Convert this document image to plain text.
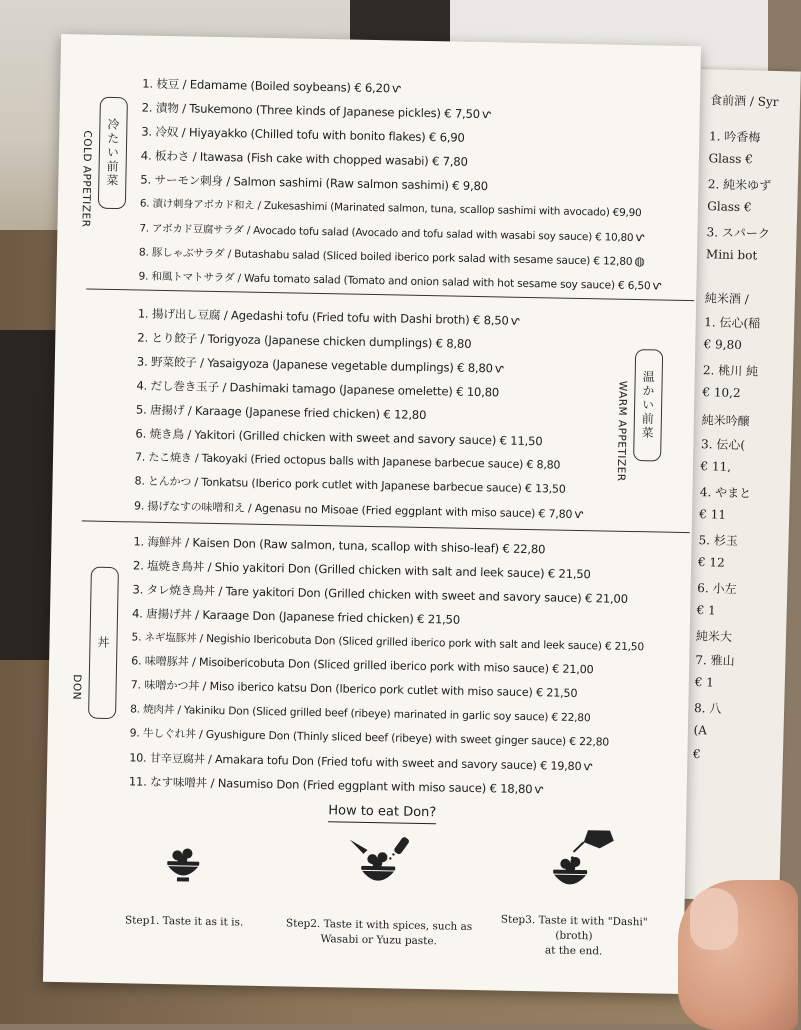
食前酒 / Syr
1. 吟香梅
Glass €
2. 純米ゆず
Glass €
3. スパーク
Mini bot
純米酒 /
1. 伝心(稲
€ 9,80
2. 桃川 純
€ 10,2
純米吟醸
3. 伝心(
€ 11,
4. やまと
€ 11
5. 杉玉
€ 12
6. 小左
€ 1
純米大
7. 雅山
€ 1
8. 八
(A
€
冷たい前菜
COLD APPETIZER
1. 枝豆 / Edamame (Boiled soybeans) € 6,20 ⱱ
2. 漬物 / Tsukemono (Three kinds of Japanese pickles) € 7,50 ⱱ
3. 冷奴 / Hiyayakko (Chilled tofu with bonito flakes) € 6,90
4. 板わさ / Itawasa (Fish cake with chopped wasabi) € 7,80
5. サーモン刺身 / Salmon sashimi (Raw salmon sashimi) € 9,80
6. 漬け刺身アボカド和え / Zukesashimi (Marinated salmon, tuna, scallop sashimi with avocado) €9,90
7. アボカド豆腐サラダ / Avocado tofu salad (Avocado and tofu salad with wasabi soy sauce) € 10,80 ⱱ
8. 豚しゃぶサラダ / Butashabu salad (Sliced boiled iberico pork salad with sesame sauce) € 12,80 ◍
9. 和風トマトサラダ / Wafu tomato salad (Tomato and onion salad with hot sesame soy sauce) € 6,50 ⱱ
温かい前菜
WARM APPETIZER
1. 揚げ出し豆腐 / Agedashi tofu (Fried tofu with Dashi broth) € 8,50 ⱱ
2. とり餃子 / Torigyoza (Japanese chicken dumplings) € 8,80
3. 野菜餃子 / Yasaigyoza (Japanese vegetable dumplings) € 8,80 ⱱ
4. だし巻き玉子 / Dashimaki tamago (Japanese omelette) € 10,80
5. 唐揚げ / Karaage (Japanese fried chicken) € 12,80
6. 焼き鳥 / Yakitori (Grilled chicken with sweet and savory sauce) € 11,50
7. たこ焼き / Takoyaki (Fried octopus balls with Japanese barbecue sauce) € 8,80
8. とんかつ / Tonkatsu (Iberico pork cutlet with Japanese barbecue sauce) € 13,50
9. 揚げなすの味噌和え / Agenasu no Misoae (Fried eggplant with miso sauce) € 7,80 ⱱ
丼
DON
1. 海鮮丼 / Kaisen Don (Raw salmon, tuna, scallop with shiso-leaf) € 22,80
2. 塩焼き鳥丼 / Shio yakitori Don (Grilled chicken with salt and leek sauce) € 21,50
3. タレ焼き鳥丼 / Tare yakitori Don (Grilled chicken with sweet and savory sauce) € 21,00
4. 唐揚げ丼 / Karaage Don (Japanese fried chicken) € 21,50
5. ネギ塩豚丼 / Negishio Ibericobuta Don (Sliced grilled iberico pork with salt and leek sauce) € 21,50
6. 味噌豚丼 / Misoibericobuta Don (Sliced grilled iberico pork with miso sauce) € 21,00
7. 味噌かつ丼 / Miso iberico katsu Don (Iberico pork cutlet with miso sauce) € 21,50
8. 焼肉丼 / Yakiniku Don (Sliced grilled beef (ribeye) marinated in garlic soy sauce) € 22,80
9. 牛しぐれ丼 / Gyushigure Don (Thinly sliced beef (ribeye) with sweet ginger sauce) € 22,80
10. 甘辛豆腐丼 / Amakara tofu Don (Fried tofu with sweet and savory sauce) € 19,80 ⱱ
11. なす味噌丼 / Nasumiso Don (Fried eggplant with miso sauce) € 18,80 ⱱ
How to eat Don?
Step1. Taste it as it is.	Step2. Taste it with spices, such as
Wasabi or Yuzu paste.
Step3. Taste it with "Dashi" (broth)
at the end.
